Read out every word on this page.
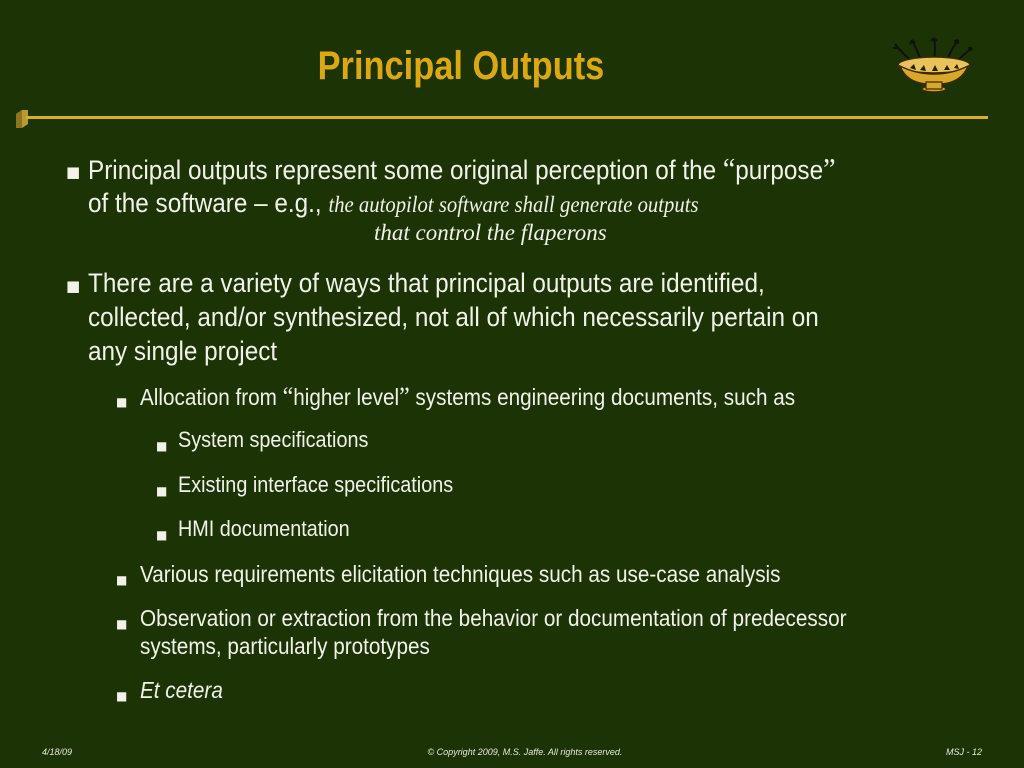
Principal Outputs
■ Principal outputs represent some original perception of the “purpose”
of the software – e.g., the autopilot software shall generate outputs
that control the flaperons
■ There are a variety of ways that principal outputs are identified,
collected, and/or synthesized, not all of which necessarily pertain on
any single project
■ Allocation from “higher level” systems engineering documents, such as
■ System specifications
■ Existing interface specifications
■ HMI documentation
■ Various requirements elicitation techniques such as use-case analysis
■ Observation or extraction from the behavior or documentation of predecessor
systems, particularly prototypes
■ Et cetera
4/18/09	© Copyright 2009, M.S. Jaffe. All rights reserved.	MSJ - 12
